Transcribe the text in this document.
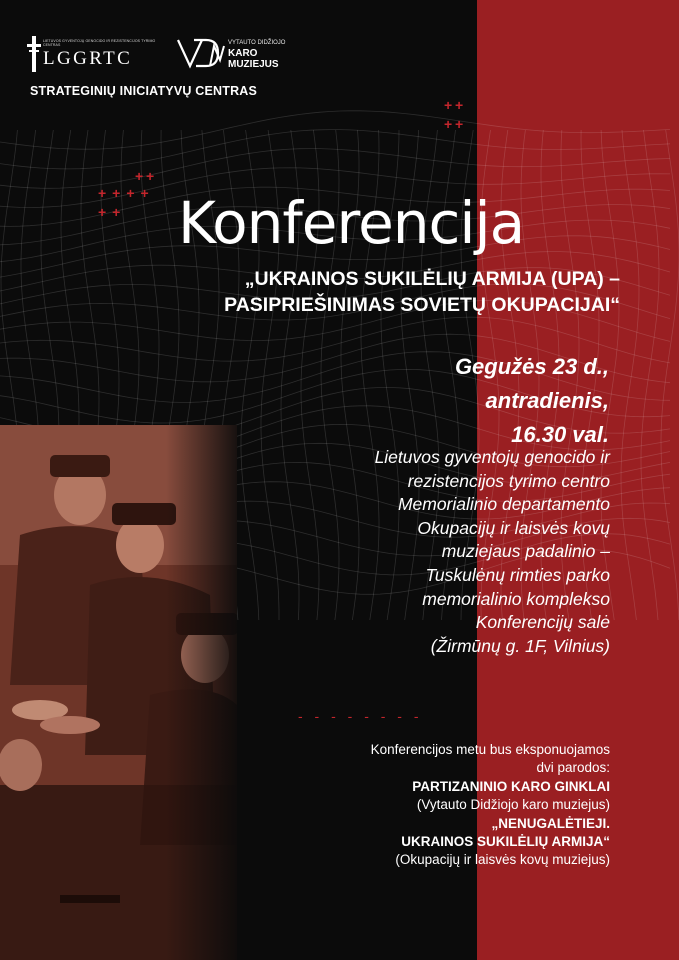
LIETUVOS GYVENTOJŲ GENOCIDO IR REZISTENCIJOS TYRIMO CENTRAS
LGGRTC
VYTAUTO DIDŽIOJO
KARO
MUZIEJUS
STRATEGINIŲ INICIATYVŲ CENTRAS
+ +
+ +
+ +
++++
++ Konferencija
„UKRAINOS SUKILĖLIŲ ARMIJA (UPA) –
PASIPRIEŠINIMAS SOVIETŲ OKUPACIJAI“
Gegužės 23 d.,
antradienis,
16.30 val.
Lietuvos gyventojų genocido ir
rezistencijos tyrimo centro
Memorialinio departamento
Okupacijų ir laisvės kovų
muziejaus padalinio –
Tuskulėnų rimties parko
memorialinio komplekso
Konferencijų salė
(Žirmūnų g. 1F, Vilnius)
- - - - - - - -
Konferencijos metu bus eksponuojamos
dvi parodos:
PARTIZANINIO KARO GINKLAI
(Vytauto Didžiojo karo muziejus)
„NENUGALĖTIEJI.
UKRAINOS SUKILĖLIŲ ARMIJA“
(Okupacijų ir laisvės kovų muziejus)
